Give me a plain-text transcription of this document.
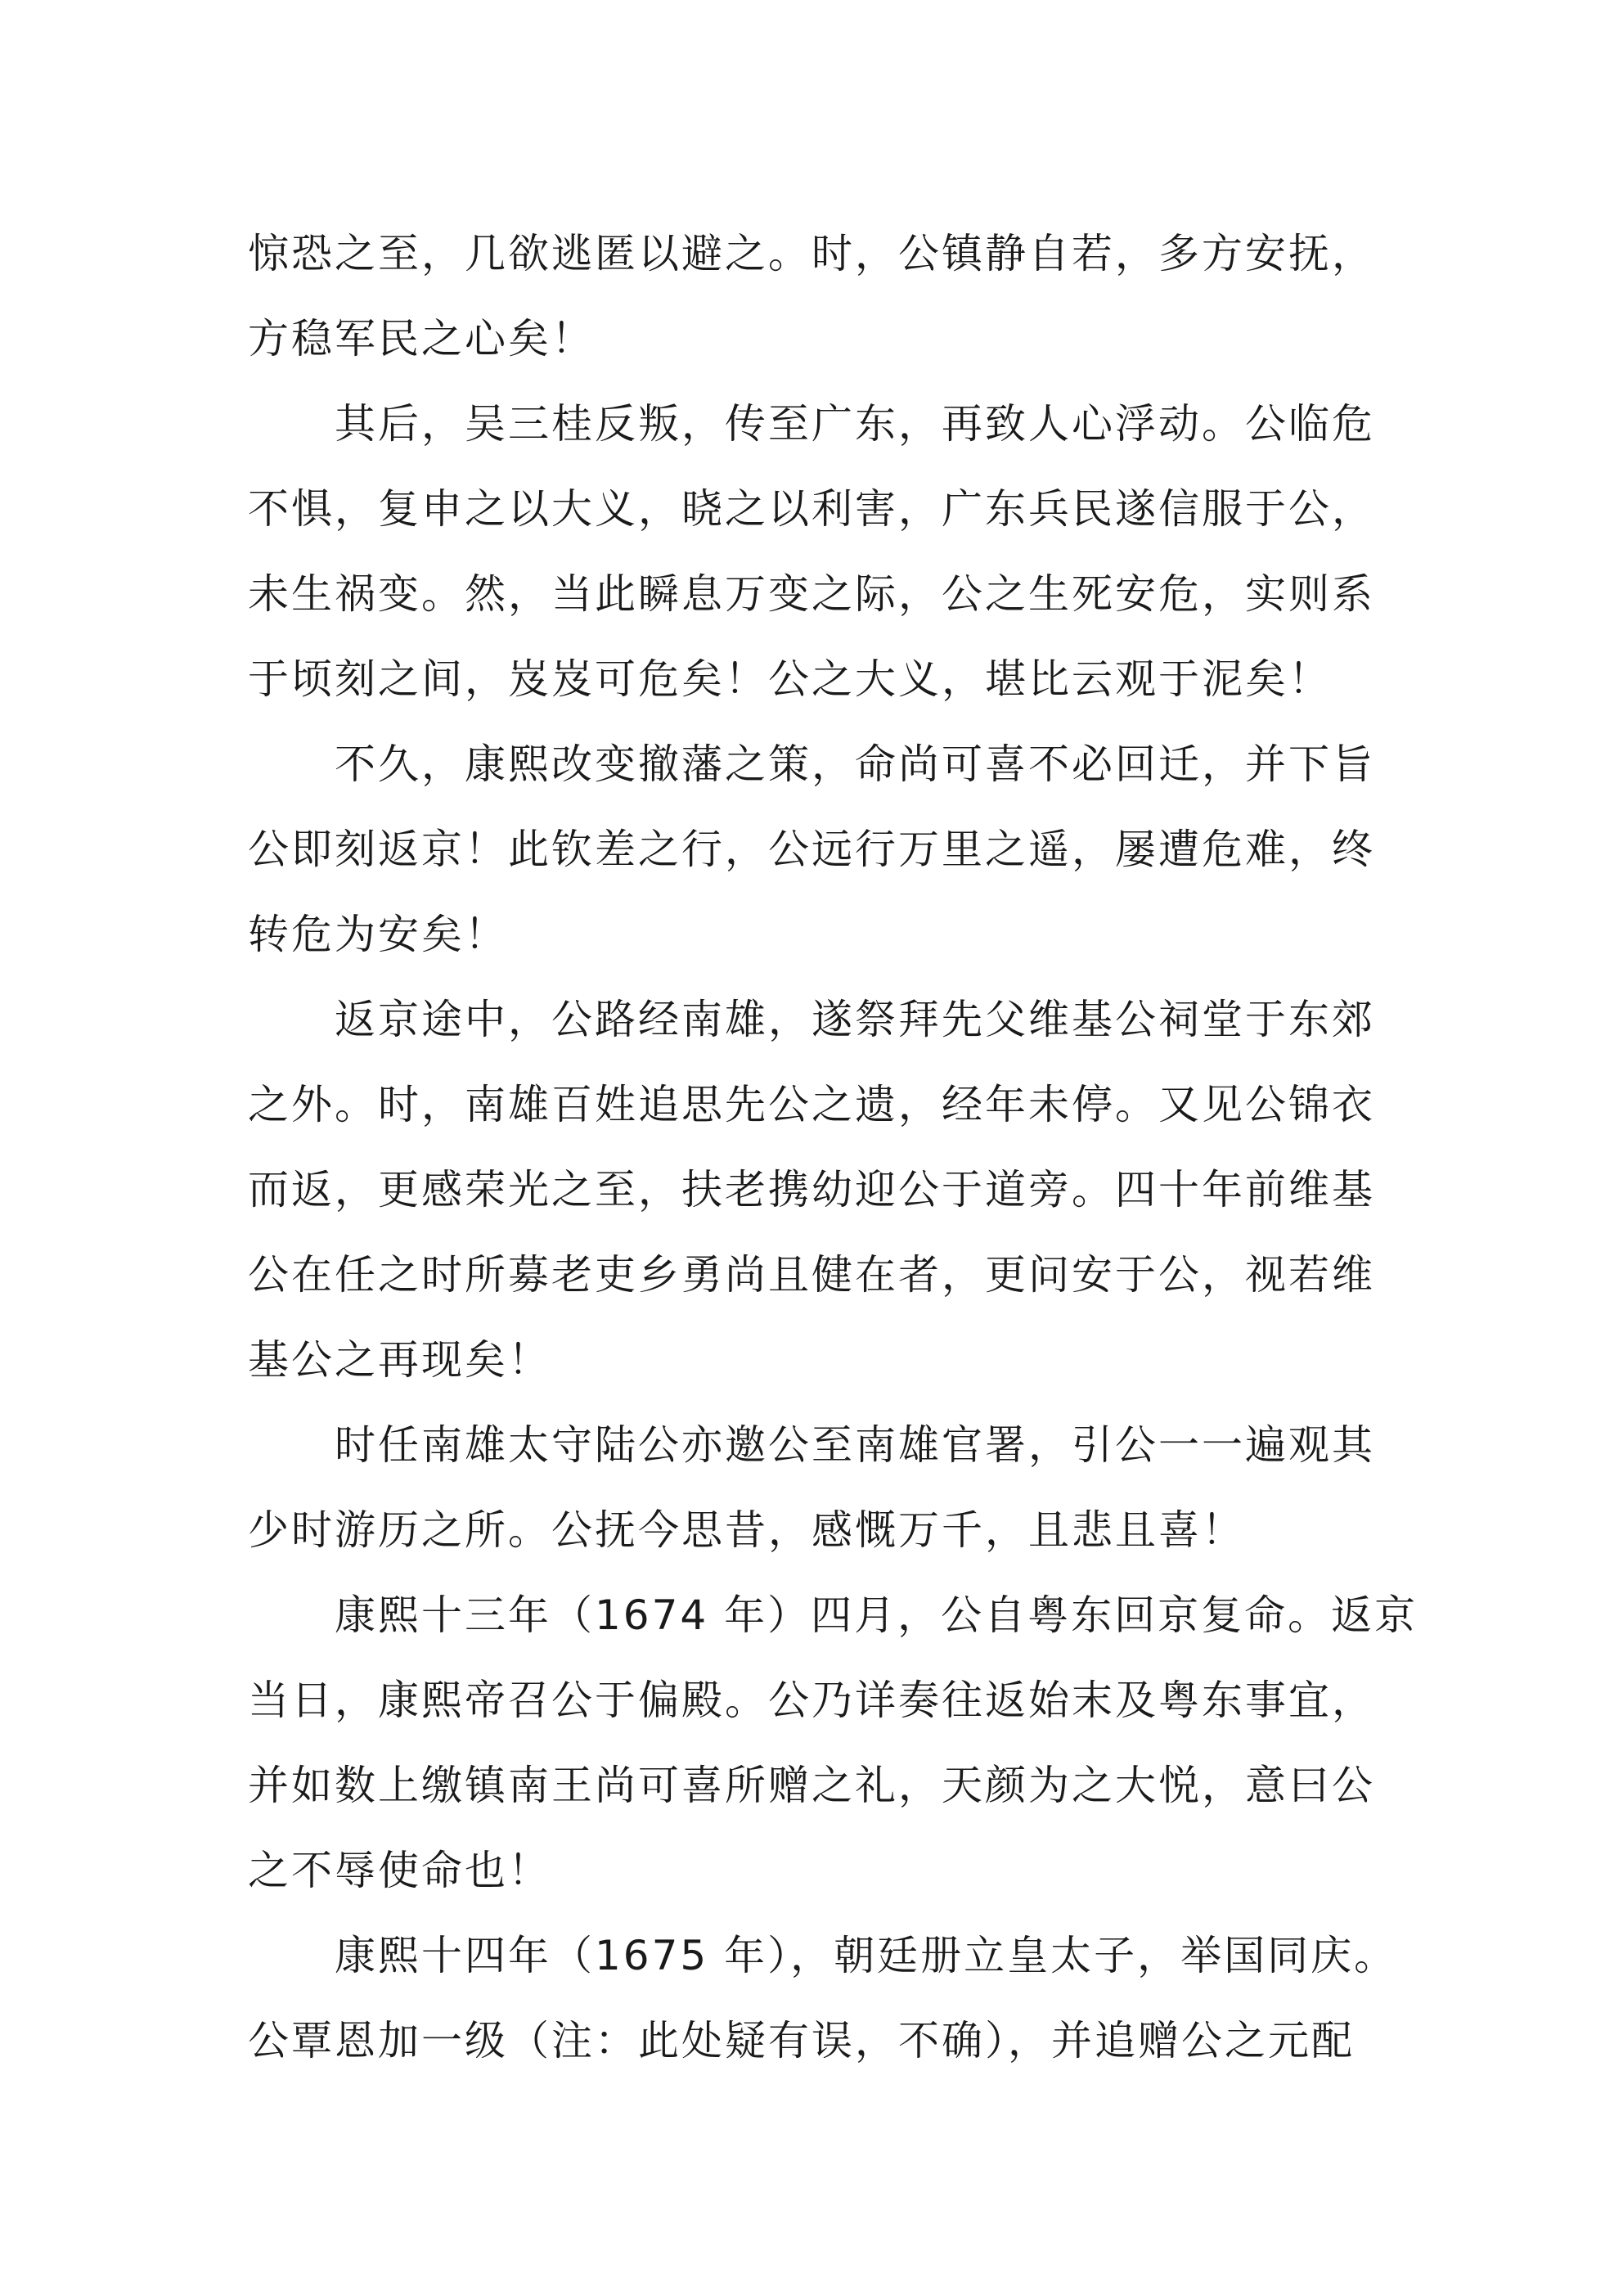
惊恐之至，几欲逃匿以避之。时，公镇静自若，多方安抚，
方稳军民之心矣！
其后，吴三桂反叛，传至广东，再致人心浮动。公临危
不惧，复申之以大义，晓之以利害，广东兵民遂信服于公，
未生祸变。然，当此瞬息万变之际，公之生死安危，实则系
于顷刻之间，岌岌可危矣！公之大义，堪比云观于泥矣！
不久，康熙改变撤藩之策，命尚可喜不必回迁，并下旨
公即刻返京！此钦差之行，公远行万里之遥，屡遭危难，终
转危为安矣！
返京途中，公路经南雄，遂祭拜先父维基公祠堂于东郊
之外。时，南雄百姓追思先公之遗，经年未停。又见公锦衣
而返，更感荣光之至，扶老携幼迎公于道旁。四十年前维基
公在任之时所募老吏乡勇尚且健在者，更问安于公，视若维
基公之再现矣！
时任南雄太守陆公亦邀公至南雄官署，引公一一遍观其
少时游历之所。公抚今思昔，感慨万千，且悲且喜！
康熙十三年（1674 年）四月，公自粤东回京复命。返京
当日，康熙帝召公于偏殿。公乃详奏往返始末及粤东事宜，
并如数上缴镇南王尚可喜所赠之礼，天颜为之大悦，意曰公
之不辱使命也！
康熙十四年（1675 年），朝廷册立皇太子，举国同庆。
公覃恩加一级（注：此处疑有误，不确），并追赠公之元配
